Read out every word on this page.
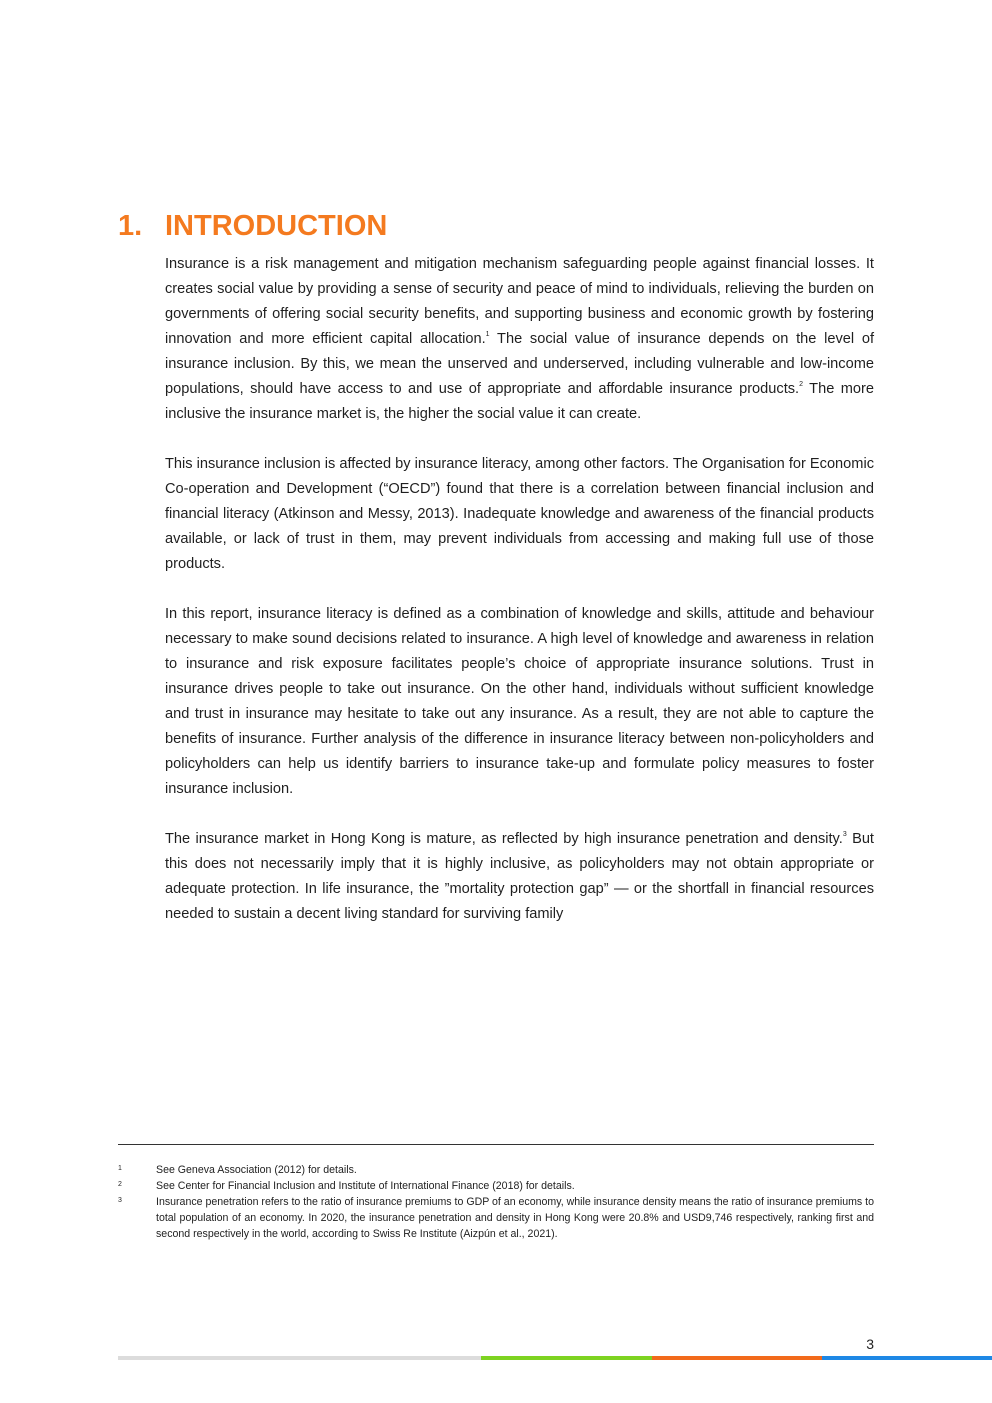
1. INTRODUCTION

Insurance is a risk management and mitigation mechanism safeguarding people against financial losses. It creates social value by providing a sense of security and peace of mind to individuals, relieving the burden on governments of offering social security benefits, and supporting business and economic growth by fostering innovation and more efficient capital allocation.$^1$ The social value of insurance depends on the level of insurance inclusion. By this, we mean the unserved and underserved, including vulnerable and low-income populations, should have access to and use of appropriate and affordable insurance products.$^2$ The more inclusive the insurance market is, the higher the social value it can create.

This insurance inclusion is affected by insurance literacy, among other factors. The Organisation for Economic Co-operation and Development (“OECD”) found that there is a correlation between financial inclusion and financial literacy (Atkinson and Messy, 2013). Inadequate knowledge and awareness of the financial products available, or lack of trust in them, may prevent individuals from accessing and making full use of those products.

In this report, insurance literacy is defined as a combination of knowledge and skills, attitude and behaviour necessary to make sound decisions related to insurance. A high level of knowledge and awareness in relation to insurance and risk exposure facilitates people’s choice of appropriate insurance solutions. Trust in insurance drives people to take out insurance. On the other hand, individuals without sufficient knowledge and trust in insurance may hesitate to take out any insurance. As a result, they are not able to capture the benefits of insurance. Further analysis of the difference in insurance literacy between non-policyholders and policyholders can help us identify barriers to insurance take-up and formulate policy measures to foster insurance inclusion.

The insurance market in Hong Kong is mature, as reflected by high insurance penetration and density.$^3$ But this does not necessarily imply that it is highly inclusive, as policyholders may not obtain appropriate or adequate protection. In life insurance, the ”mortality protection gap” — or the shortfall in financial resources needed to sustain a decent living standard for surviving family

1	See Geneva Association (2012) for details.
2	See Center for Financial Inclusion and Institute of International Finance (2018) for details.
3	Insurance penetration refers to the ratio of insurance premiums to GDP of an economy, while insurance density means the ratio of insurance premiums to total population of an economy. In 2020, the insurance penetration and density in Hong Kong were 20.8% and USD9,746 respectively, ranking first and second respectively in the world, according to Swiss Re Institute (Aizpún et al., 2021).
3
